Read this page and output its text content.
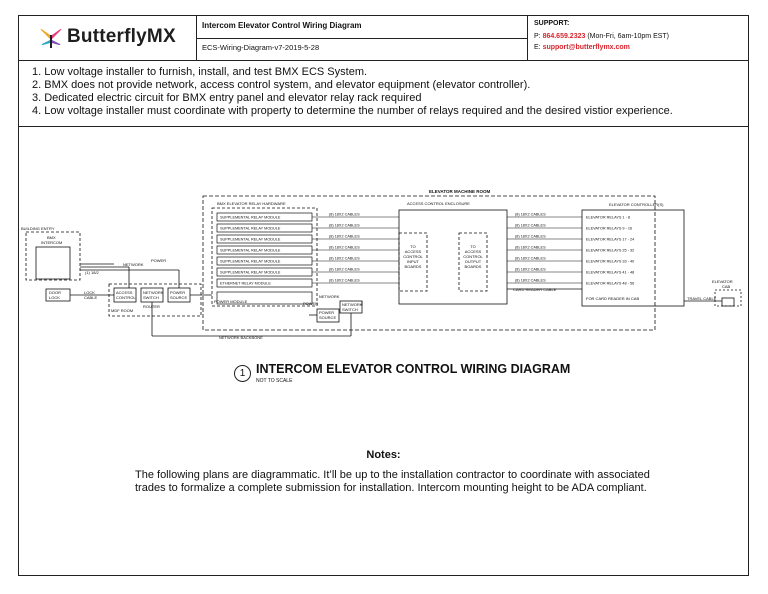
ButterflyMX
Intercom Elevator Control Wiring Diagram
ECS-Wiring-Diagram-v7-2019-5-28
SUPPORT:
P: 864.659.2323 (Mon-Fri, 6am-10pm EST)
E: support@butterflymx.com
1. Low voltage installer to furnish, install, and test BMX ECS System.
2. BMX does not provide network, access control system, and elevator equipment (elevator controller).
3. Dedicated electric circuit for BMX entry panel and elevator relay rack required
4. Low voltage installer must coordinate with property to determine the number of relays required and the desired vistior experience.
SUPPLEMENTAL RELAY MODULE
(8) 18X2 CABLES	(8) 18X2 CABLES
ELEVATOR RELAYS 1 - 8
SUPPLEMENTAL RELAY MODULE
(8) 18X2 CABLES	(8) 18X2 CABLES
ELEVATOR RELAYS 9 - 16
SUPPLEMENTAL RELAY MODULE
(8) 18X2 CABLES	(8) 18X2 CABLES
ELEVATOR RELAYS 17 - 24
SUPPLEMENTAL RELAY MODULE
(8) 18X2 CABLES	(8) 18X2 CABLES
ELEVATOR RELAYS 25 - 32
SUPPLEMENTAL RELAY MODULE
(8) 18X2 CABLES	(8) 18X2 CABLES
ELEVATOR RELAYS 33 - 40
SUPPLEMENTAL RELAY MODULE
(8) 18X2 CABLES	(8) 18X2 CABLES
ELEVATOR RELAYS 41 - 48
ETHERNET RELAY MODULE
(8) 18X2 CABLES	(8) 18X2 CABLES
ELEVATOR RELAYS 48 - 56
ELEVATOR MACHINE ROOM
BMX ELEVATOR RELAY HARDWARE	ACCESS CONTROL ENCLOSURE	ELEVATOR CONTROLLER(S)
CARD READER CABLE
FOR CARD READER IN CAB	TRAVEL CABLE
ELEVATOR
CAB
BUILDING ENTRY
BMX
INTERCOM
DOOR
LOCK
LOCK
CABLE
(1) 18/2
NETWORK
POWER
ACCESS
CONTROL
NETWORK
SWITCH
POWER
SOURCE
ROUTER
MDF ROOM
NETWORK BACKBONE
NETWORK
POWER
POWER
SOURCE
NETWORK
SWITCH
POWER MODULE
TO
ACCESS
CONTROL
INPUT
BOARDS
TO
ACCESS
CONTROL
OUTPUT
BOARDS
1 INTERCOM ELEVATOR CONTROL WIRING DIAGRAM
NOT TO SCALE
Notes:
The following plans are diagrammatic. It’ll be up to the installation contractor to coordinate with associated trades to formalize a complete submission for installation. Intercom mounting height to be ADA compliant.
